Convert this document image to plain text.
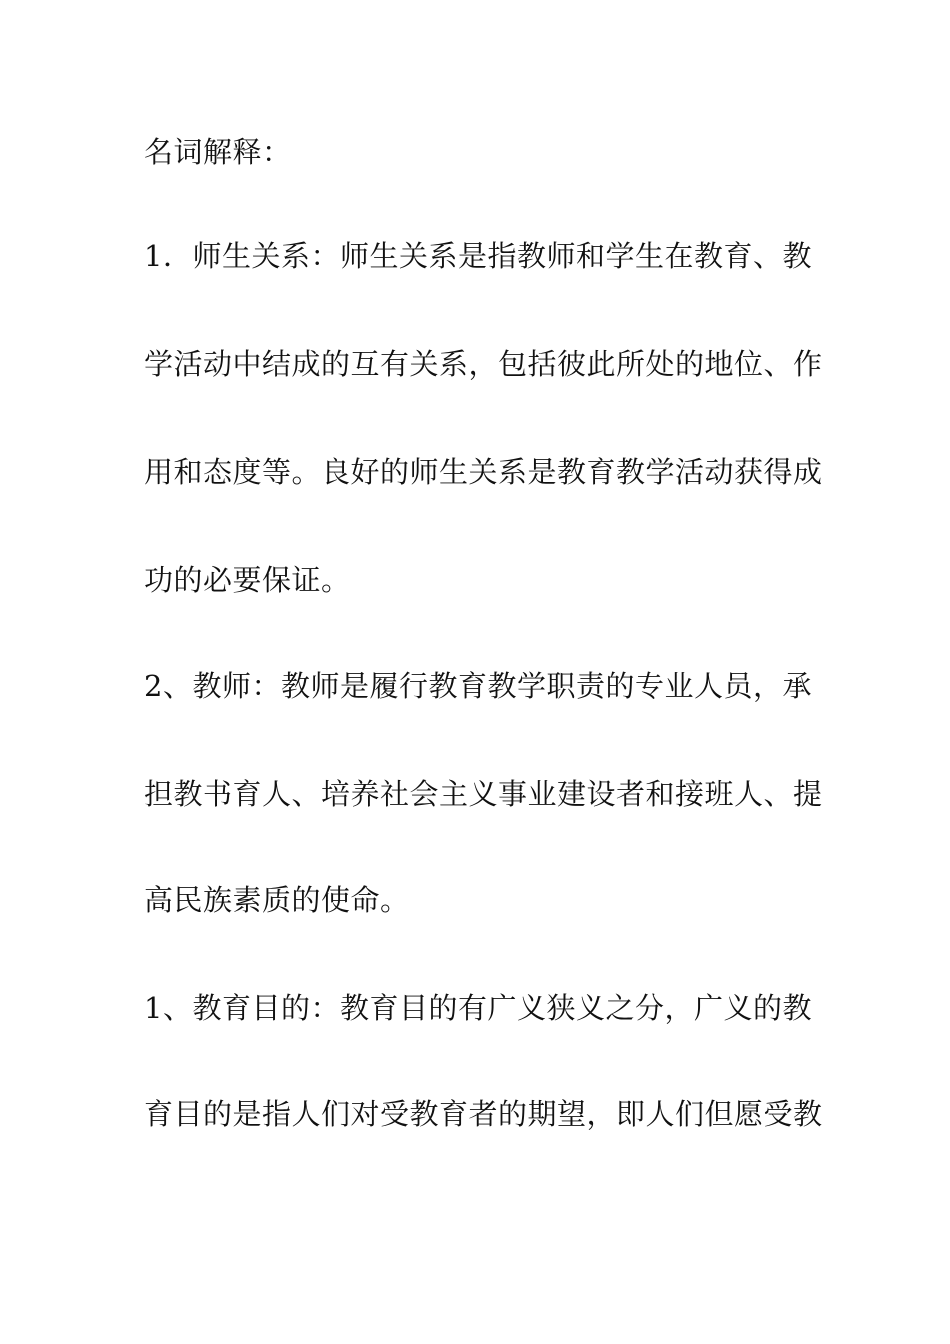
名词解释：
1．师生关系：师生关系是指教师和学生在教育、教
学活动中结成的互有关系，包括彼此所处的地位、作
用和态度等。良好的师生关系是教育教学活动获得成
功的必要保证。
2、教师：教师是履行教育教学职责的专业人员，承
担教书育人、培养社会主义事业建设者和接班人、提
高民族素质的使命。
1、教育目的：教育目的有广义狭义之分，广义的教
育目的是指人们对受教育者的期望，即人们但愿受教
